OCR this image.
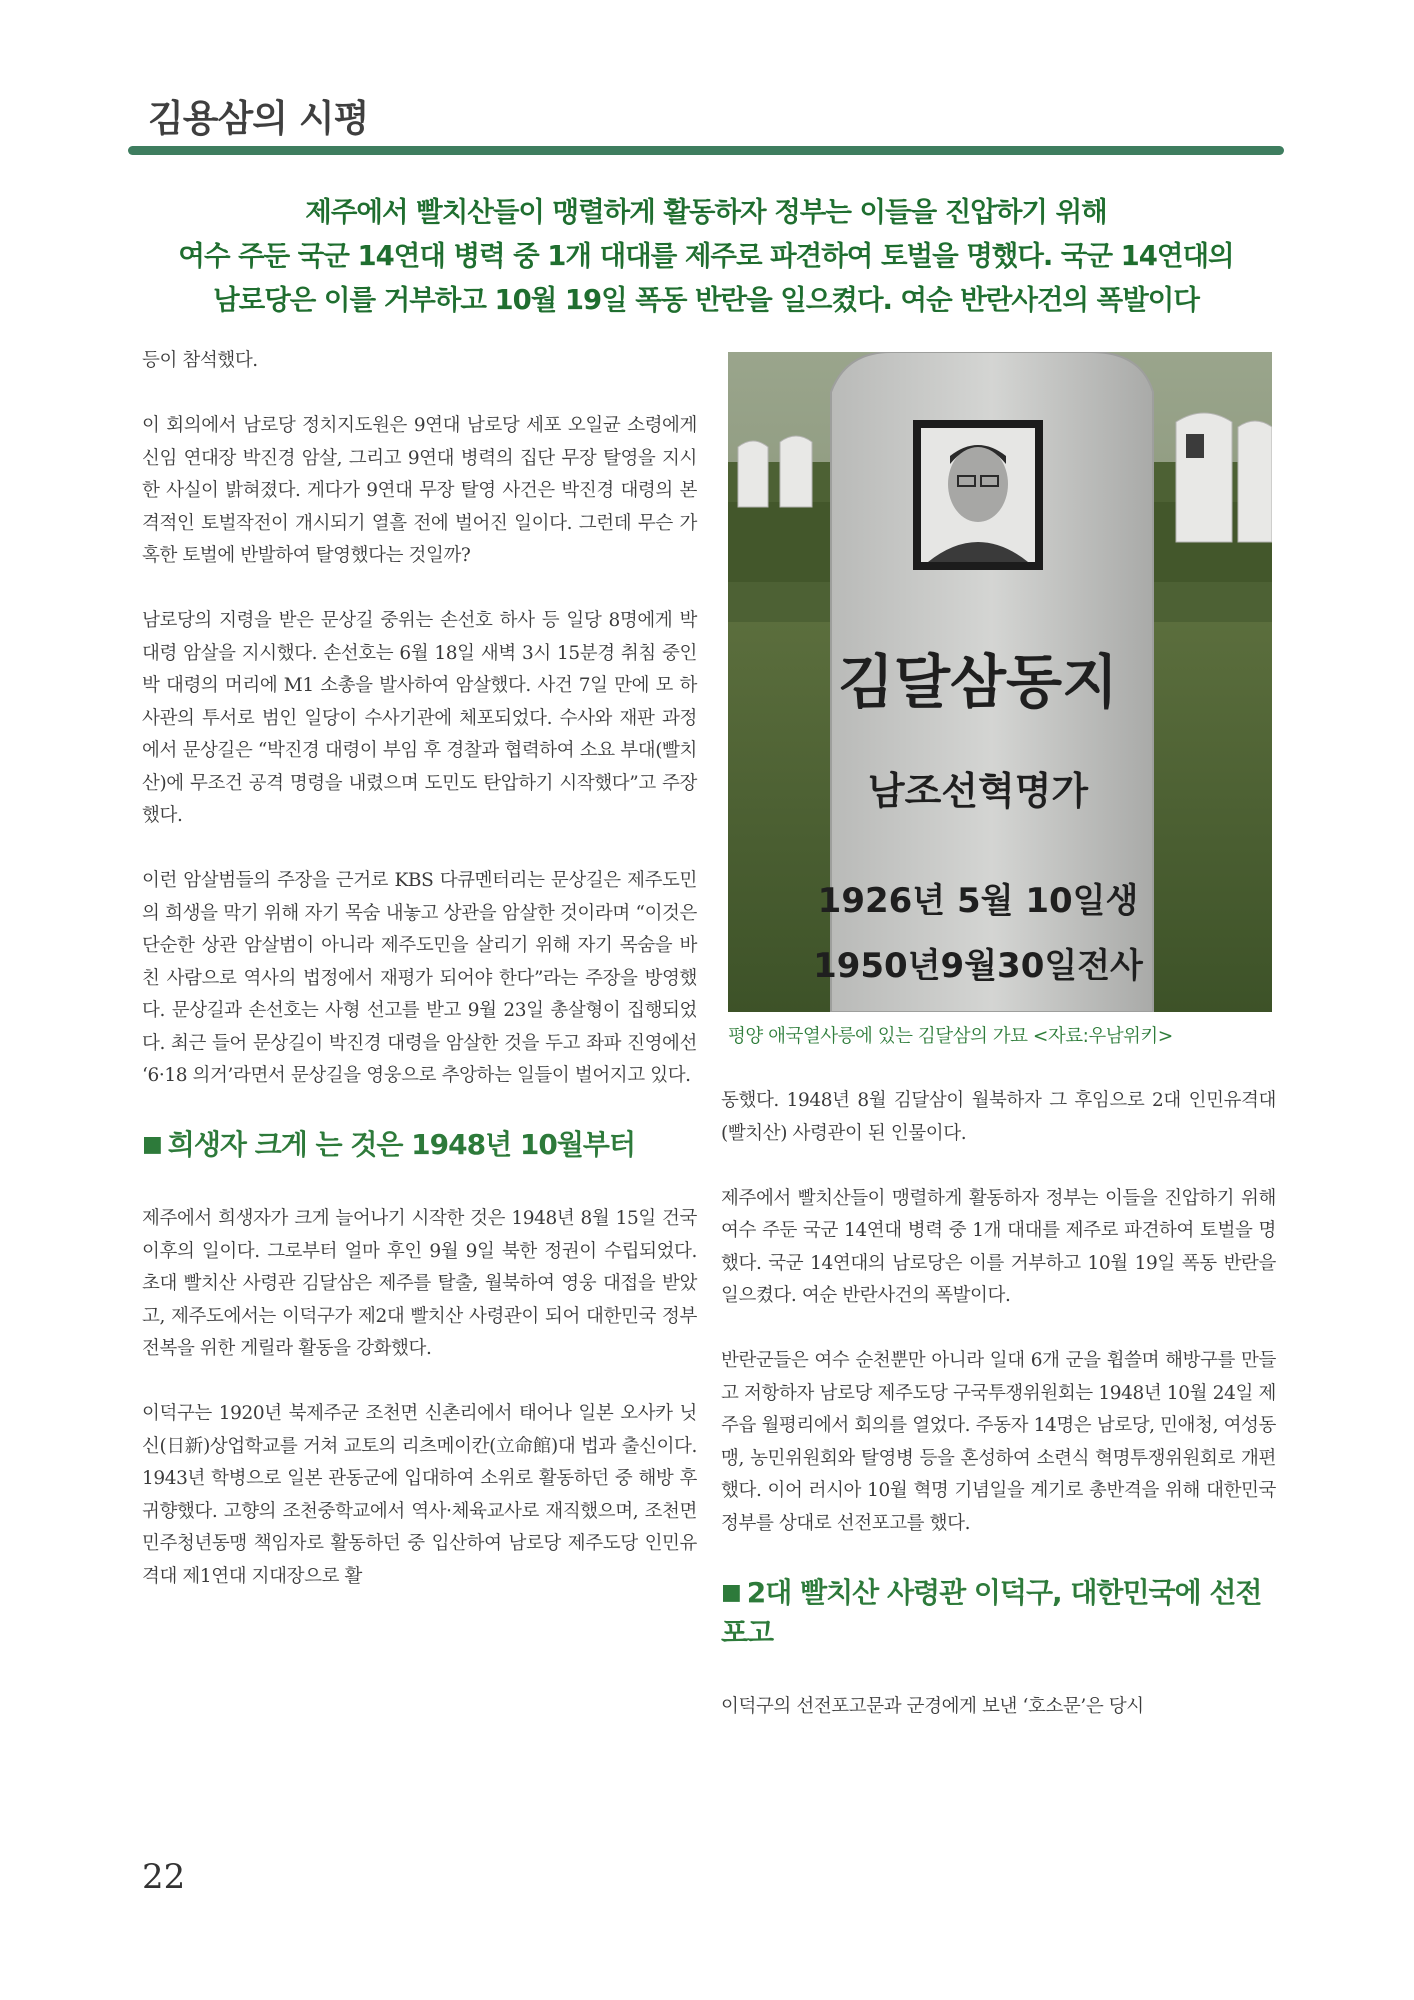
김용삼의 시평
제주에서 빨치산들이 맹렬하게 활동하자 정부는 이들을 진압하기 위해
여수 주둔 국군 14연대 병력 중 1개 대대를 제주로 파견하여 토벌을 명했다. 국군 14연대의
남로당은 이를 거부하고 10월 19일 폭동 반란을 일으켰다. 여순 반란사건의 폭발이다

등이 참석했다.

이 회의에서 남로당 정치지도원은 9연대 남로당 세포 오일균 소령에게 신임 연대장 박진경 암살, 그리고 9연대 병력의 집단 무장 탈영을 지시한 사실이 밝혀졌다. 게다가 9연대 무장 탈영 사건은 박진경 대령의 본격적인 토벌작전이 개시되기 열흘 전에 벌어진 일이다. 그런데 무슨 가혹한 토벌에 반발하여 탈영했다는 것일까?

남로당의 지령을 받은 문상길 중위는 손선호 하사 등 일당 8명에게 박 대령 암살을 지시했다. 손선호는 6월 18일 새벽 3시 15분경 취침 중인 박 대령의 머리에 M1 소총을 발사하여 암살했다. 사건 7일 만에 모 하사관의 투서로 범인 일당이 수사기관에 체포되었다. 수사와 재판 과정에서 문상길은 “박진경 대령이 부임 후 경찰과 협력하여 소요 부대(빨치산)에 무조건 공격 명령을 내렸으며 도민도 탄압하기 시작했다”고 주장했다.

이런 암살범들의 주장을 근거로 KBS 다큐멘터리는 문상길은 제주도민의 희생을 막기 위해 자기 목숨 내놓고 상관을 암살한 것이라며 “이것은 단순한 상관 암살범이 아니라 제주도민을 살리기 위해 자기 목숨을 바친 사람으로 역사의 법정에서 재평가 되어야 한다”라는 주장을 방영했다. 문상길과 손선호는 사형 선고를 받고 9월 23일 총살형이 집행되었다. 최근 들어 문상길이 박진경 대령을 암살한 것을 두고 좌파 진영에선 ‘6·18 의거’라면서 문상길을 영웅으로 추앙하는 일들이 벌어지고 있다.

■ 희생자 크게 는 것은 1948년 10월부터

제주에서 희생자가 크게 늘어나기 시작한 것은 1948년 8월 15일 건국 이후의 일이다. 그로부터 얼마 후인 9월 9일 북한 정권이 수립되었다. 초대 빨치산 사령관 김달삼은 제주를 탈출, 월북하여 영웅 대접을 받았고, 제주도에서는 이덕구가 제2대 빨치산 사령관이 되어 대한민국 정부 전복을 위한 게릴라 활동을 강화했다.

이덕구는 1920년 북제주군 조천면 신촌리에서 태어나 일본 오사카 닛신(日新)상업학교를 거쳐 교토의 리츠메이칸(立命館)대 법과 출신이다. 1943년 학병으로 일본 관동군에 입대하여 소위로 활동하던 중 해방 후 귀향했다. 고향의 조천중학교에서 역사·체육교사로 재직했으며, 조천면 민주청년동맹 책임자로 활동하던 중 입산하여 남로당 제주도당 인민유격대 제1연대 지대장으로 활

김달삼동지
남조선혁명가
1926년 5월 10일생
1950년9월30일전사
평양 애국열사릉에 있는 김달삼의 가묘 <자료:우남위키>

동했다. 1948년 8월 김달삼이 월북하자 그 후임으로 2대 인민유격대(빨치산) 사령관이 된 인물이다.

제주에서 빨치산들이 맹렬하게 활동하자 정부는 이들을 진압하기 위해 여수 주둔 국군 14연대 병력 중 1개 대대를 제주로 파견하여 토벌을 명했다. 국군 14연대의 남로당은 이를 거부하고 10월 19일 폭동 반란을 일으켰다. 여순 반란사건의 폭발이다.

반란군들은 여수 순천뿐만 아니라 일대 6개 군을 휩쓸며 해방구를 만들고 저항하자 남로당 제주도당 구국투쟁위원회는 1948년 10월 24일 제주읍 월평리에서 회의를 열었다. 주동자 14명은 남로당, 민애청, 여성동맹, 농민위원회와 탈영병 등을 혼성하여 소련식 혁명투쟁위원회로 개편했다. 이어 러시아 10월 혁명 기념일을 계기로 총반격을 위해 대한민국 정부를 상대로 선전포고를 했다.

■ 2대 빨치산 사령관 이덕구, 대한민국에 선전포고

이덕구의 선전포고문과 군경에게 보낸 ‘호소문’은 당시

22
